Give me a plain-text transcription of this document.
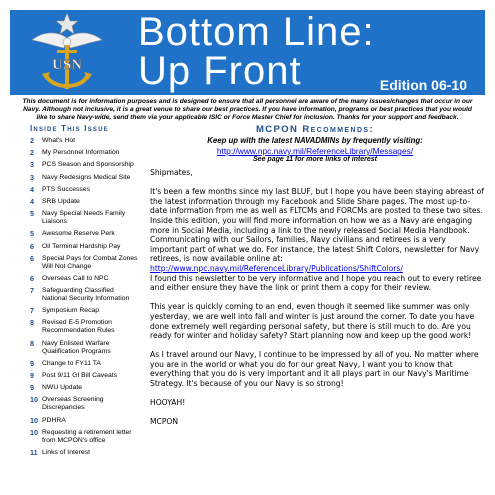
USN
Bottom Line:
Up Front	Edition 06-10
This document is for information purposes and is designed to ensure that all personnel are aware of the many issues/changes that occur in our Navy. Although not inclusive, it is a great venue to share our best practices. If you have information, programs or best practices that you would like to share Navy-wide, send them via your applicable ISIC or Force Master Chief for inclusion. Thanks for your support and feedback.
Inside This Issue
2	What's Hot
2	My Personnel Information
3	PCS Season and Sponsorship
3	Navy Redesigns Medical Site
4	PTS Successes
4	SRB Update
5	Navy Special Needs Family Liaisons
5	Awesome Reserve Perk
6	Oil Terminal Hardship Pay
6	Special Pays for Combat Zones Will Not Change
6	Overseas Call to NPC
7	Safeguarding Classified National Security Information
7	Symposium Recap
8	Revised E-5 Promotion Recommendation Rules
8	Navy Enlisted Warfare Qualification Programs
9	Change to FY11 TA
9	Post 9/11 GI Bill Caveats
9	NWU Update
10 Overseas Screening Discrepancies
10 PDHRA
10 Requesting a retirement letter from MCPON's office
11 Links of Interest
MCPON Recommends:
Keep up with the latest NAVADMINs by frequently visiting:
http://www.npc.navy.mil/ReferenceLibrary/Messages/
See page 11 for more links of interest

Shipmates,

It's been a few months since my last BLUF, but I hope you have been staying abreast of the latest information through my Facebook and Slide Share pages. The most up-to-date information from me as well as FLTCMs and FORCMs are posted to these two sites. Inside this edition, you will find more information on how we as a Navy are engaging more in Social Media, including a link to the newly released Social Media Handbook. Communicating with our Sailors, families, Navy civilians and retirees is a very important part of what we do. For instance, the latest Shift Colors, newsletter for Navy retirees, is now available online at:
http://www.npc.navy.mil/ReferenceLibrary/Publications/ShiftColors/
I found this newsletter to be very informative and I hope you reach out to every retiree and either ensure they have the link or print them a copy for their review.

This year is quickly coming to an end, even though it seemed like summer was only yesterday, we are well into fall and winter is just around the corner. To date you have done extremely well regarding personal safety, but there is still much to do. Are you ready for winter and holiday safety? Start planning now and keep up the good work!

As I travel around our Navy, I continue to be impressed by all of you. No matter where you are in the world or what you do for our great Navy, I want you to know that everything that you do is very important and it all plays part in our Navy's Maritime Strategy. It's because of you our Navy is so strong!

HOOYAH!

MCPON
